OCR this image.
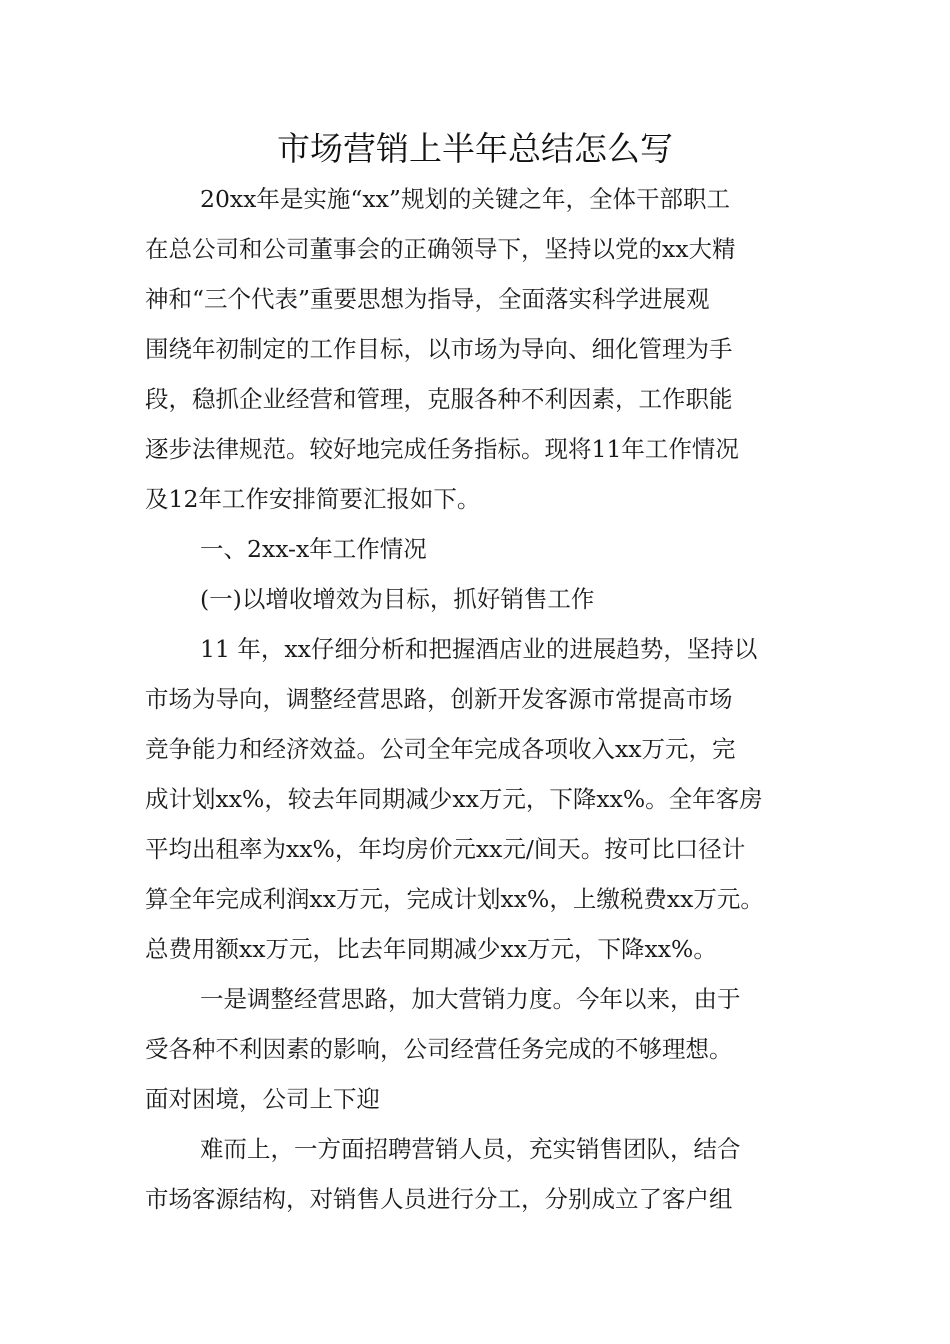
市场营销上半年总结怎么写
20xx年是实施“xx”规划的关键之年，全体干部职工
在总公司和公司董事会的正确领导下，坚持以党的xx大精
神和“三个代表”重要思想为指导，全面落实科学进展观
围绕年初制定的工作目标，以市场为导向、细化管理为手
段，稳抓企业经营和管理，克服各种不利因素，工作职能
逐步法律规范。较好地完成任务指标。现将11年工作情况
及12年工作安排简要汇报如下。
一、2xx-x年工作情况
(一)以增收增效为目标，抓好销售工作
11 年，xx仔细分析和把握酒店业的进展趋势，坚持以
市场为导向，调整经营思路，创新开发客源市常提高市场
竞争能力和经济效益。公司全年完成各项收入xx万元，完
成计划xx%，较去年同期减少xx万元，下降xx%。全年客房
平均出租率为xx%，年均房价元xx元/间天。按可比口径计
算全年完成利润xx万元，完成计划xx%，上缴税费xx万元。
总费用额xx万元，比去年同期减少xx万元，下降xx%。
一是调整经营思路，加大营销力度。今年以来，由于
受各种不利因素的影响，公司经营任务完成的不够理想。
面对困境，公司上下迎
难而上，一方面招聘营销人员，充实销售团队，结合
市场客源结构，对销售人员进行分工，分别成立了客户组
